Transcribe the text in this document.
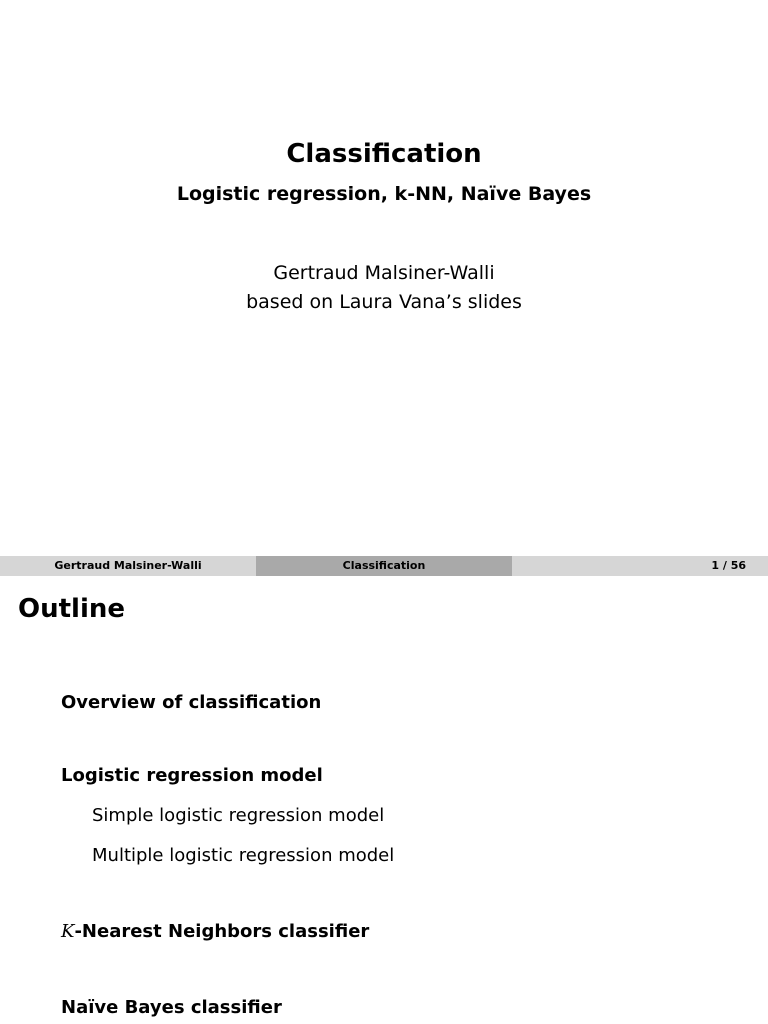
Classification
Logistic regression, k-NN, Naïve Bayes
Gertraud Malsiner-Walli
based on Laura Vana’s slides
Gertraud Malsiner-Walli	Classification	1 / 56
Outline
Overview of classification
Logistic regression model
Simple logistic regression model
Multiple logistic regression model
K-Nearest Neighbors classifier
Naïve Bayes classifier
